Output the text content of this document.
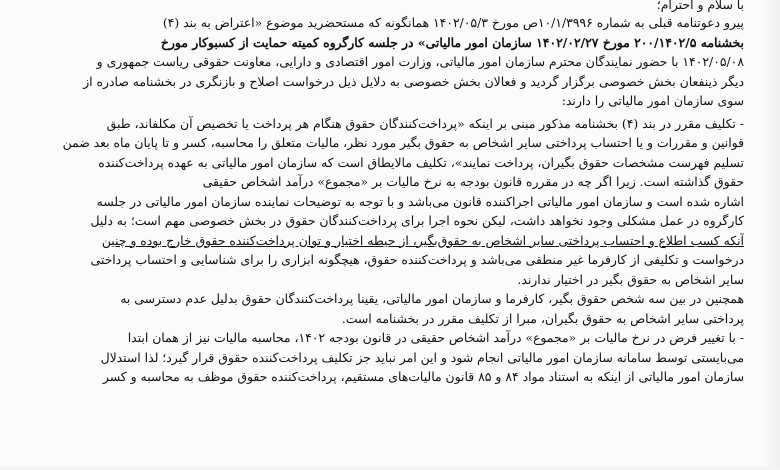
با سلام و احترام؛
پیرو دعوتنامه قبلی به شماره ۱۰/۱/۳۹۹۶ص مورخ ۱۴۰۲/۰۵/۳ همانگونه که مستحضرید موضوع «اعتراض به بند (۴)
بخشنامه ۲۰۰/۱۴۰۲/۵ مورخ ۱۴۰۲/۰۲/۲۷ سازمان امور مالیاتی» در جلسه کارگروه کمیته حمایت از کسبوکار مورخ
۱۴۰۲/۰۵/۰۸ با حضور نمایندگان محترم سازمان امور مالیاتی، وزارت امور اقتصادی و دارایی، معاونت حقوقی ریاست جمهوری و
دیگر ذینفعان بخش خصوصی برگزار گردید و فعالان بخش خصوصی به دلایل ذیل درخواست اصلاح و بازنگری در بخشنامه صادره از
سوی سازمان امور مالیاتی را دارند:
- تکلیف مقرر در بند (۴) بخشنامه مذکور مبنی بر اینکه «پرداخت‌کنندگان حقوق هنگام هر پرداخت یا تخصیص آن مکلفاند، طبق
قوانین و مقررات و یا احتساب پرداختی سایر اشخاص به حقوق بگیر مورد نظر، مالیات متعلق را محاسبه، کسر و تا پایان ماه بعد ضمن
تسلیم فهرست مشخصات حقوق بگیران، پرداخت نمایند»، تکلیف مالایطاق است که سازمان امور مالیاتی به عهده پرداخت‌کننده
حقوق گذاشته است. زیرا اگر چه در مقرره قانون بودجه به نرخ مالیات بر «مجموع» درآمد اشخاص حقیقی
اشاره شده است و سازمان امور مالیاتی اجراکننده قانون می‌باشد و با توجه به توضیحات نماینده سازمان امور مالیاتی در جلسه
کارگروه در عمل مشکلی وجود نخواهد داشت، لیکن نحوه اجرا برای پرداخت‌کنندگان حقوق در بخش خصوصی مهم است؛ به دلیل
آنکه کسب اطلاع و احتساب پرداختی سایر اشخاص به حقوق‌بگیر، از حیطه اختیار و توان پرداخت‌کننده حقوق خارج بوده و چنین
درخواست و تکلیفی از کارفرما غیر منطقی می‌باشد و پرداخت‌کننده حقوق، هیچگونه ابزاری را برای شناسایی و احتساب پرداختی
سایر اشخاص به حقوق بگیر در اختیار ندارند.
همچنین در بین سه شخص حقوق بگیر، کارفرما و سازمان امور مالیاتی، یقینا پرداخت‌کنندگان حقوق بدلیل عدم دسترسی به
پرداختی سایر اشخاص به حقوق بگیران، مبرا از تکلیف مقرر در بخشنامه است.
- با تغییر فرض در نرخ مالیات بر «مجموع» درآمد اشخاص حقیقی در قانون بودجه ۱۴۰۲، محاسبه مالیات نیز از همان ابتدا
می‌بایستی توسط سامانه سازمان امور مالیاتی انجام شود و این امر نباید جز تکلیف پرداخت‌کننده حقوق قرار گیرد؛ لذا استدلال
سازمان امور مالیاتی از اینکه به استناد مواد ۸۴ و ۸۵ قانون مالیات‌های مستقیم، پرداخت‌کننده حقوق موظف به محاسبه و کسر
